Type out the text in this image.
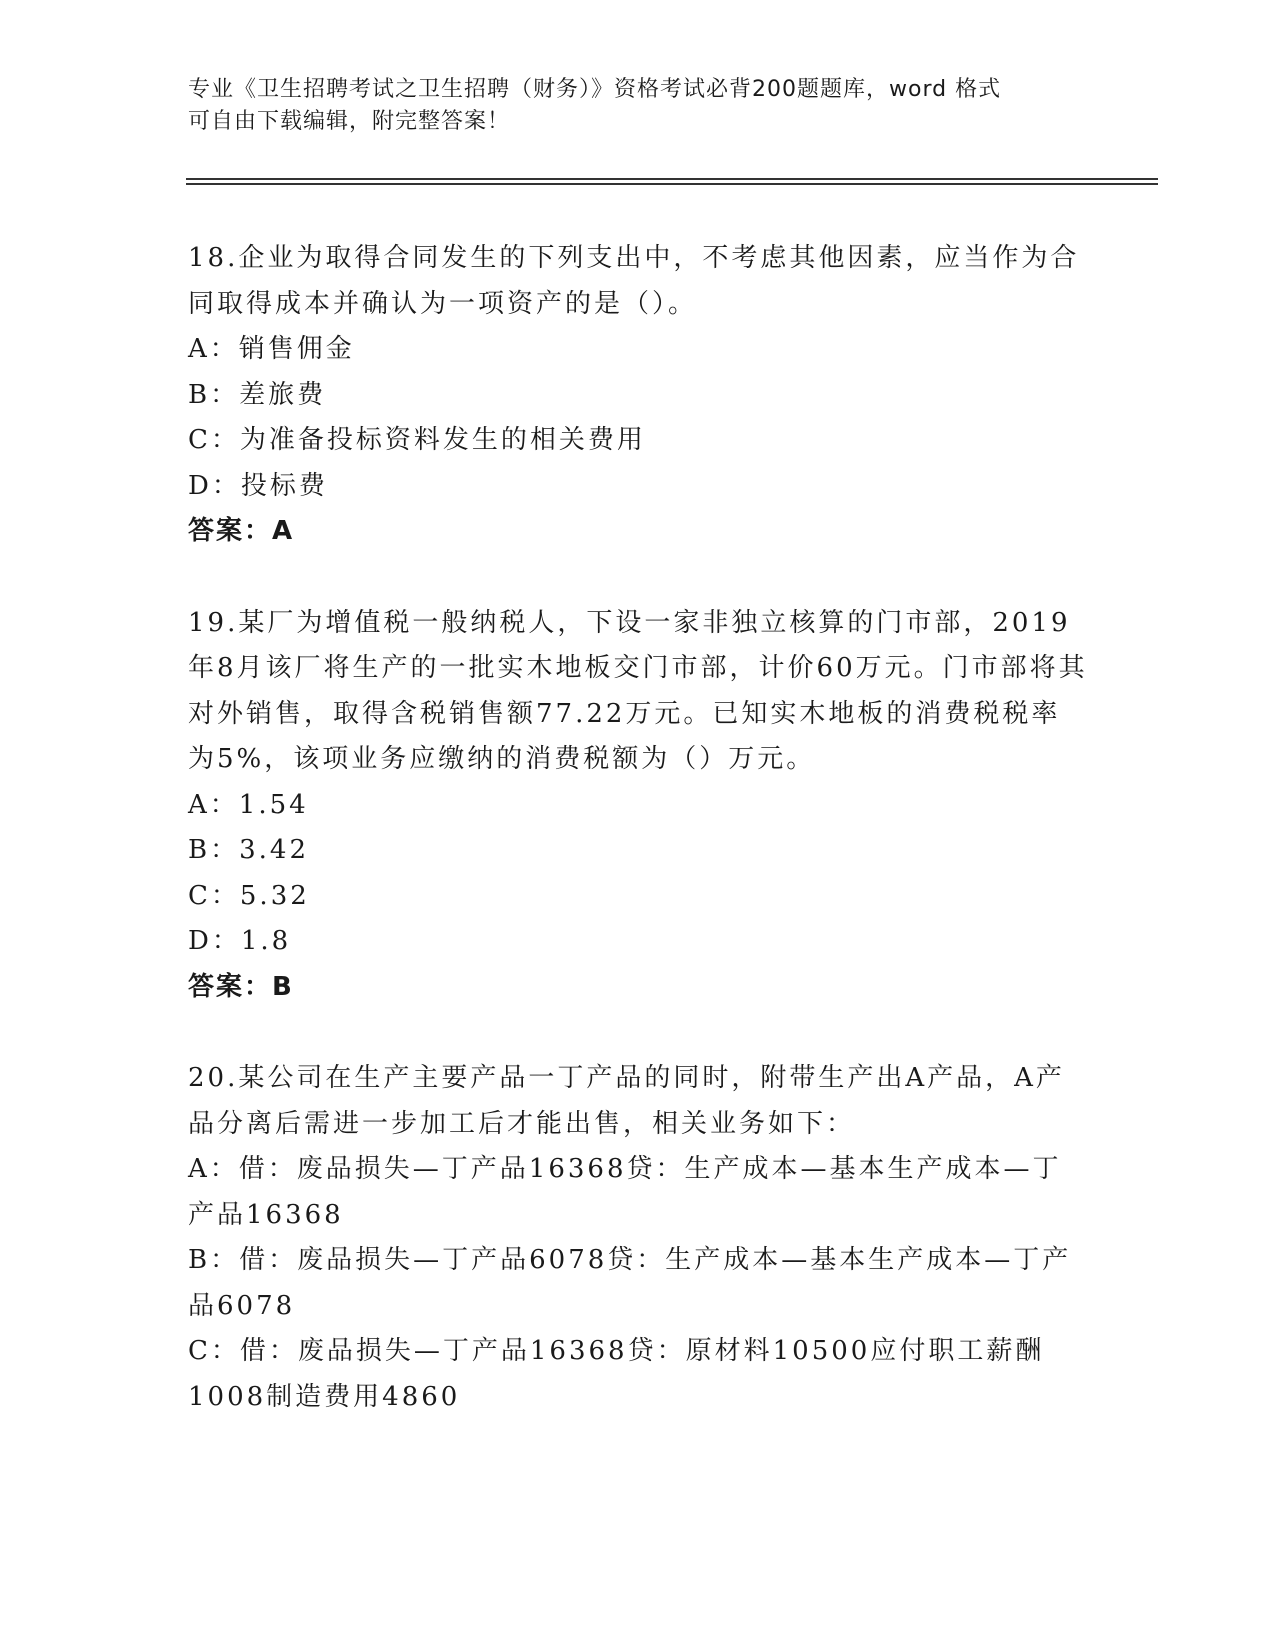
专业《卫生招聘考试之卫生招聘（财务）》资格考试必背200题题库，word 格式
可自由下载编辑，附完整答案！

18.企业为取得合同发生的下列支出中，不考虑其他因素，应当作为合同取得成本并确认为一项资产的是（）。

A：销售佣金

B：差旅费

C：为准备投标资料发生的相关费用

D：投标费

答案：A

19.某厂为增值税一般纳税人，下设一家非独立核算的门市部，2019年8月该厂将生产的一批实木地板交门市部，计价60万元。门市部将其对外销售，取得含税销售额77.22万元。已知实木地板的消费税税率为5%，该项业务应缴纳的消费税额为（）万元。

A：1.54

B：3.42

C：5.32

D：1.8

答案：B

20.某公司在生产主要产品一丁产品的同时，附带生产出A产品，A产品分离后需进一步加工后才能出售，相关业务如下：

A：借：废品损失—丁产品16368贷：生产成本—基本生产成本—丁产品16368

B：借：废品损失—丁产品6078贷：生产成本—基本生产成本—丁产品6078

C：借：废品损失—丁产品16368贷：原材料10500应付职工薪酬1008制造费用4860
